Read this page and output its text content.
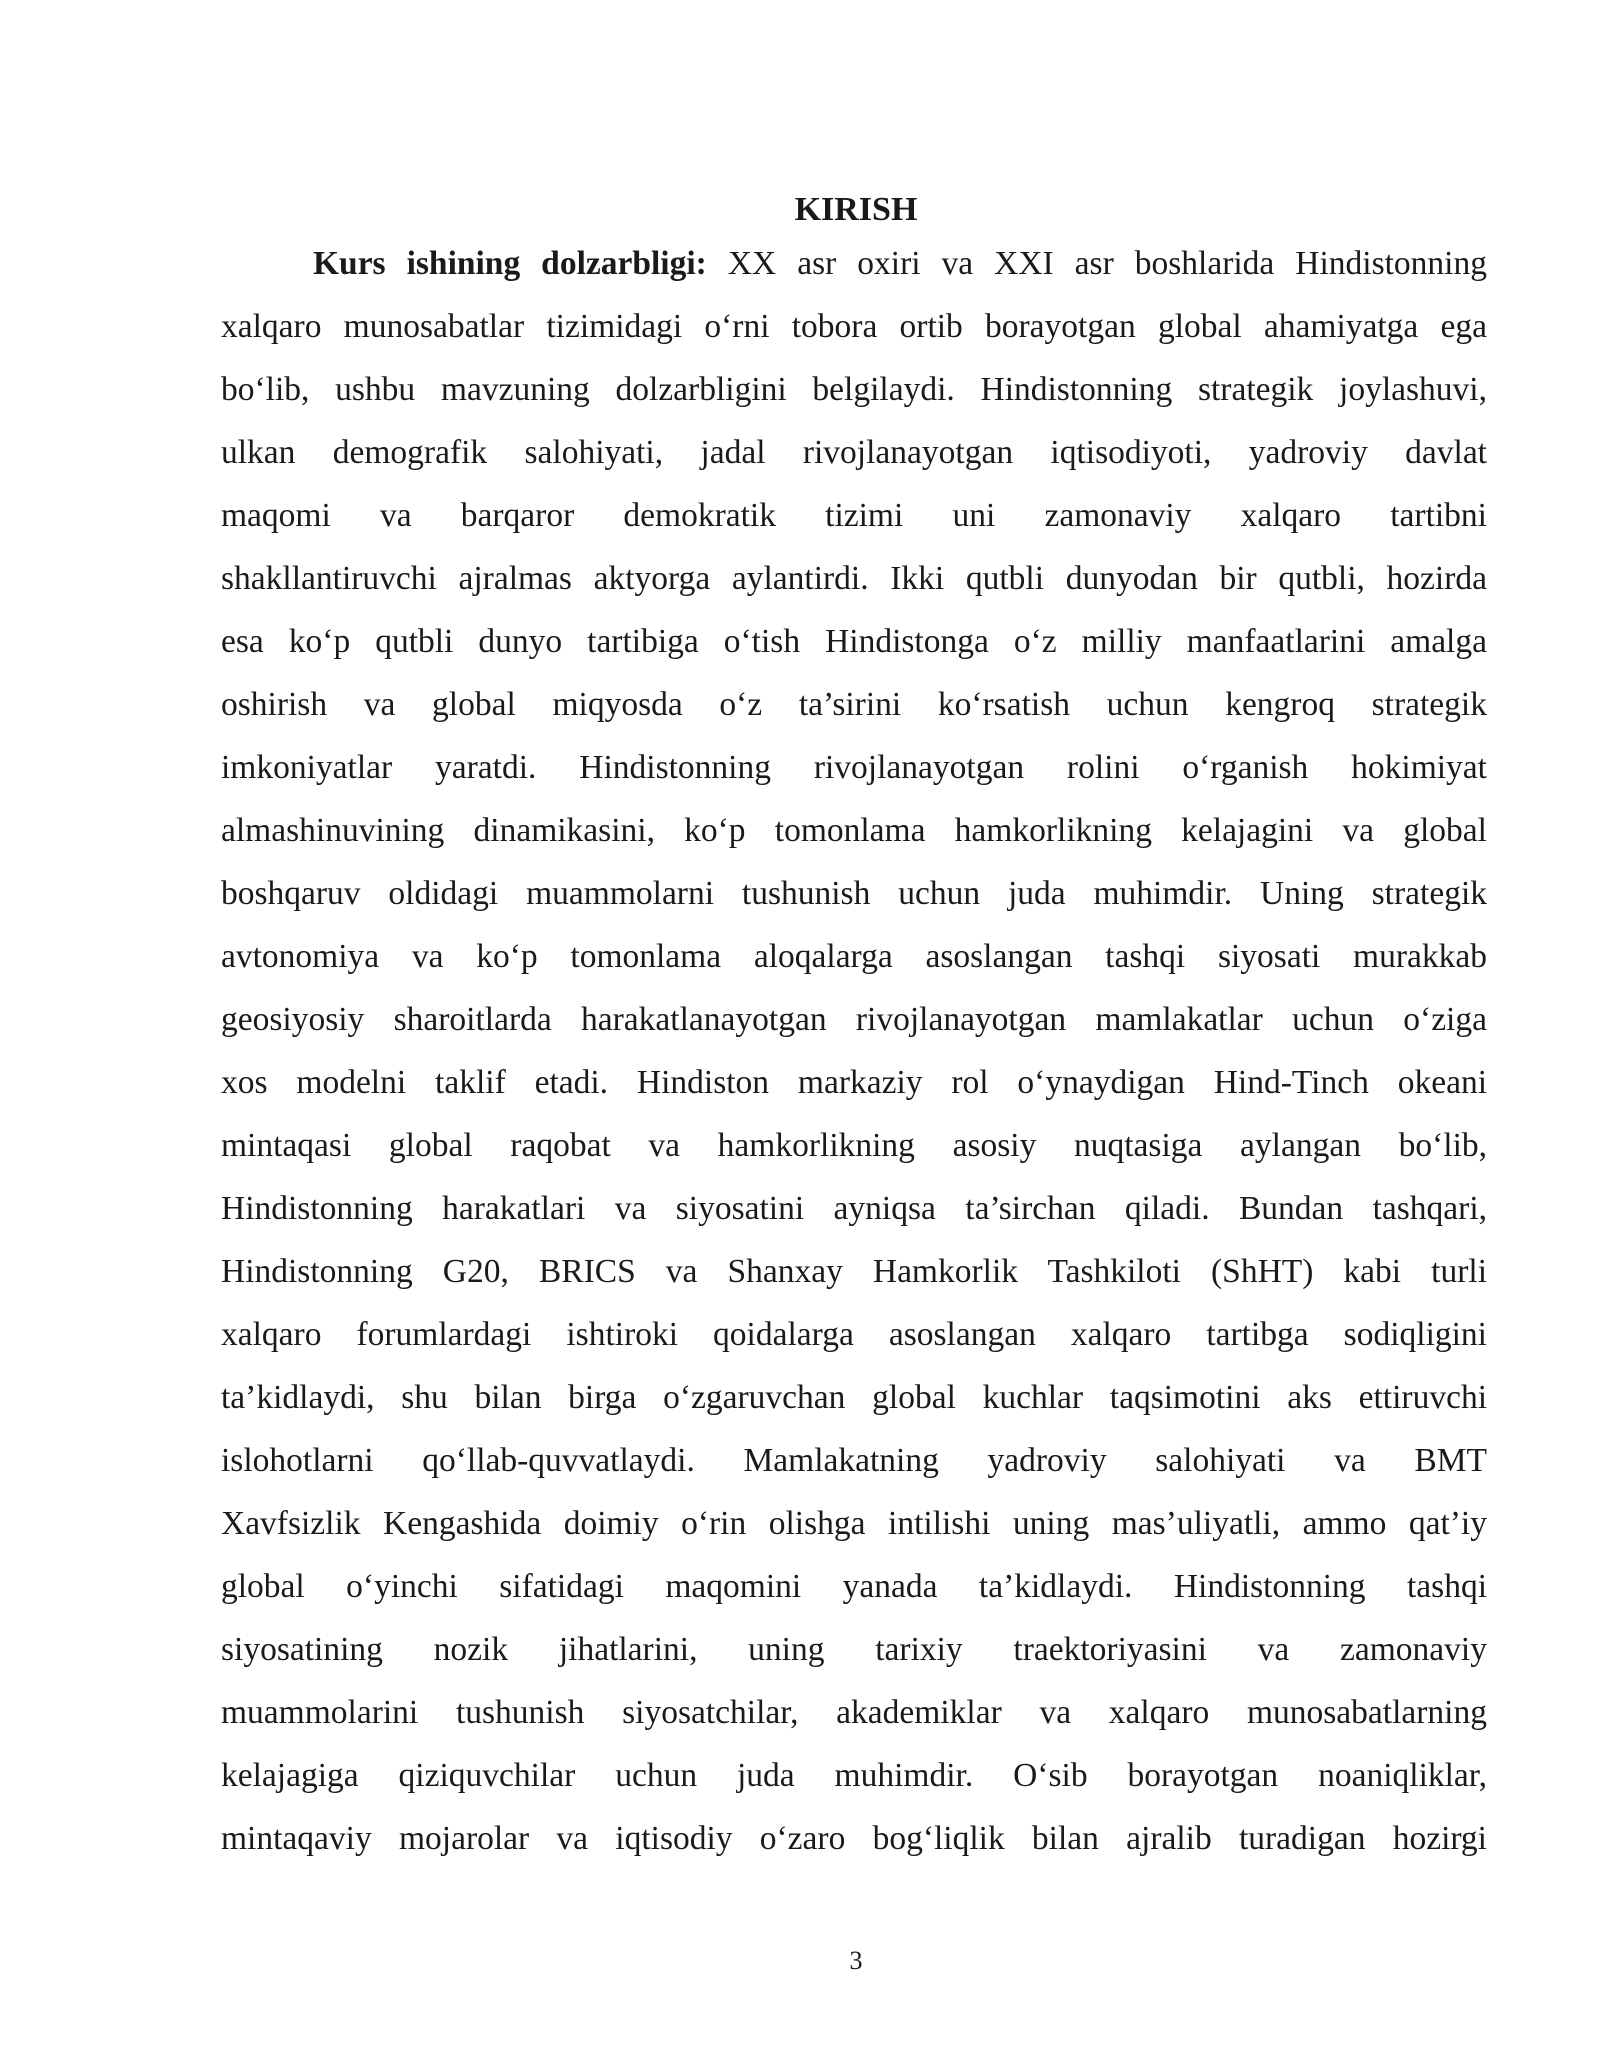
KIRISH
Kurs ishining dolzarbligi: XX asr oxiri va XXI asr boshlarida Hindistonning
xalqaro munosabatlar tizimidagi o‘rni tobora ortib borayotgan global ahamiyatga ega
bo‘lib, ushbu mavzuning dolzarbligini belgilaydi. Hindistonning strategik joylashuvi,
ulkan demografik salohiyati, jadal rivojlanayotgan iqtisodiyoti, yadroviy davlat
maqomi va barqaror demokratik tizimi uni zamonaviy xalqaro tartibni
shakllantiruvchi ajralmas aktyorga aylantirdi. Ikki qutbli dunyodan bir qutbli, hozirda
esa ko‘p qutbli dunyo tartibiga o‘tish Hindistonga o‘z milliy manfaatlarini amalga
oshirish va global miqyosda o‘z ta’sirini ko‘rsatish uchun kengroq strategik
imkoniyatlar yaratdi. Hindistonning rivojlanayotgan rolini o‘rganish hokimiyat
almashinuvining dinamikasini, ko‘p tomonlama hamkorlikning kelajagini va global
boshqaruv oldidagi muammolarni tushunish uchun juda muhimdir. Uning strategik
avtonomiya va ko‘p tomonlama aloqalarga asoslangan tashqi siyosati murakkab
geosiyosiy sharoitlarda harakatlanayotgan rivojlanayotgan mamlakatlar uchun o‘ziga
xos modelni taklif etadi. Hindiston markaziy rol o‘ynaydigan Hind-Tinch okeani
mintaqasi global raqobat va hamkorlikning asosiy nuqtasiga aylangan bo‘lib,
Hindistonning harakatlari va siyosatini ayniqsa ta’sirchan qiladi. Bundan tashqari,
Hindistonning G20, BRICS va Shanxay Hamkorlik Tashkiloti (ShHT) kabi turli
xalqaro forumlardagi ishtiroki qoidalarga asoslangan xalqaro tartibga sodiqligini
ta’kidlaydi, shu bilan birga o‘zgaruvchan global kuchlar taqsimotini aks ettiruvchi
islohotlarni qo‘llab-quvvatlaydi. Mamlakatning yadroviy salohiyati va BMT
Xavfsizlik Kengashida doimiy o‘rin olishga intilishi uning mas’uliyatli, ammo qat’iy
global o‘yinchi sifatidagi maqomini yanada ta’kidlaydi. Hindistonning tashqi
siyosatining nozik jihatlarini, uning tarixiy traektoriyasini va zamonaviy
muammolarini tushunish siyosatchilar, akademiklar va xalqaro munosabatlarning
kelajagiga qiziquvchilar uchun juda muhimdir. O‘sib borayotgan noaniqliklar,
mintaqaviy mojarolar va iqtisodiy o‘zaro bog‘liqlik bilan ajralib turadigan hozirgi
3
